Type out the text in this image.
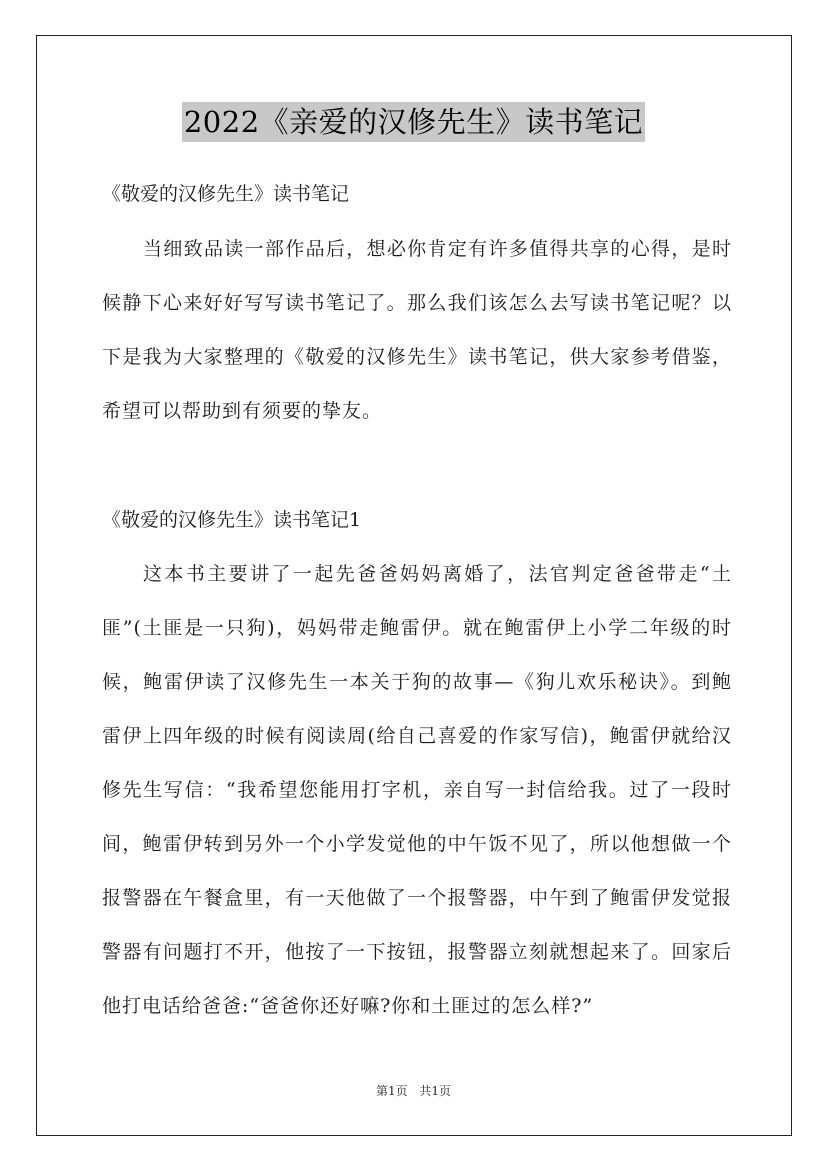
2022《亲爱的汉修先生》读书笔记
《敬爱的汉修先生》读书笔记
当细致品读一部作品后，想必你肯定有许多值得共享的心得，是时候静下心来好好写写读书笔记了。那么我们该怎么去写读书笔记呢？以下是我为大家整理的《敬爱的汉修先生》读书笔记，供大家参考借鉴，希望可以帮助到有须要的挚友。
《敬爱的汉修先生》读书笔记1
这本书主要讲了一起先爸爸妈妈离婚了，法官判定爸爸带走“土匪”(土匪是一只狗)，妈妈带走鲍雷伊。就在鲍雷伊上小学二年级的时候，鲍雷伊读了汉修先生一本关于狗的故事—《狗儿欢乐秘诀》。到鲍雷伊上四年级的时候有阅读周(给自己喜爱的作家写信)，鲍雷伊就给汉修先生写信：“我希望您能用打字机，亲自写一封信给我。过了一段时间，鲍雷伊转到另外一个小学发觉他的中午饭不见了，所以他想做一个报警器在午餐盒里，有一天他做了一个报警器，中午到了鲍雷伊发觉报警器有问题打不开，他按了一下按钮，报警器立刻就想起来了。回家后他打电话给爸爸:“爸爸你还好嘛?你和土匪过的怎么样?”
第1页 共1页
